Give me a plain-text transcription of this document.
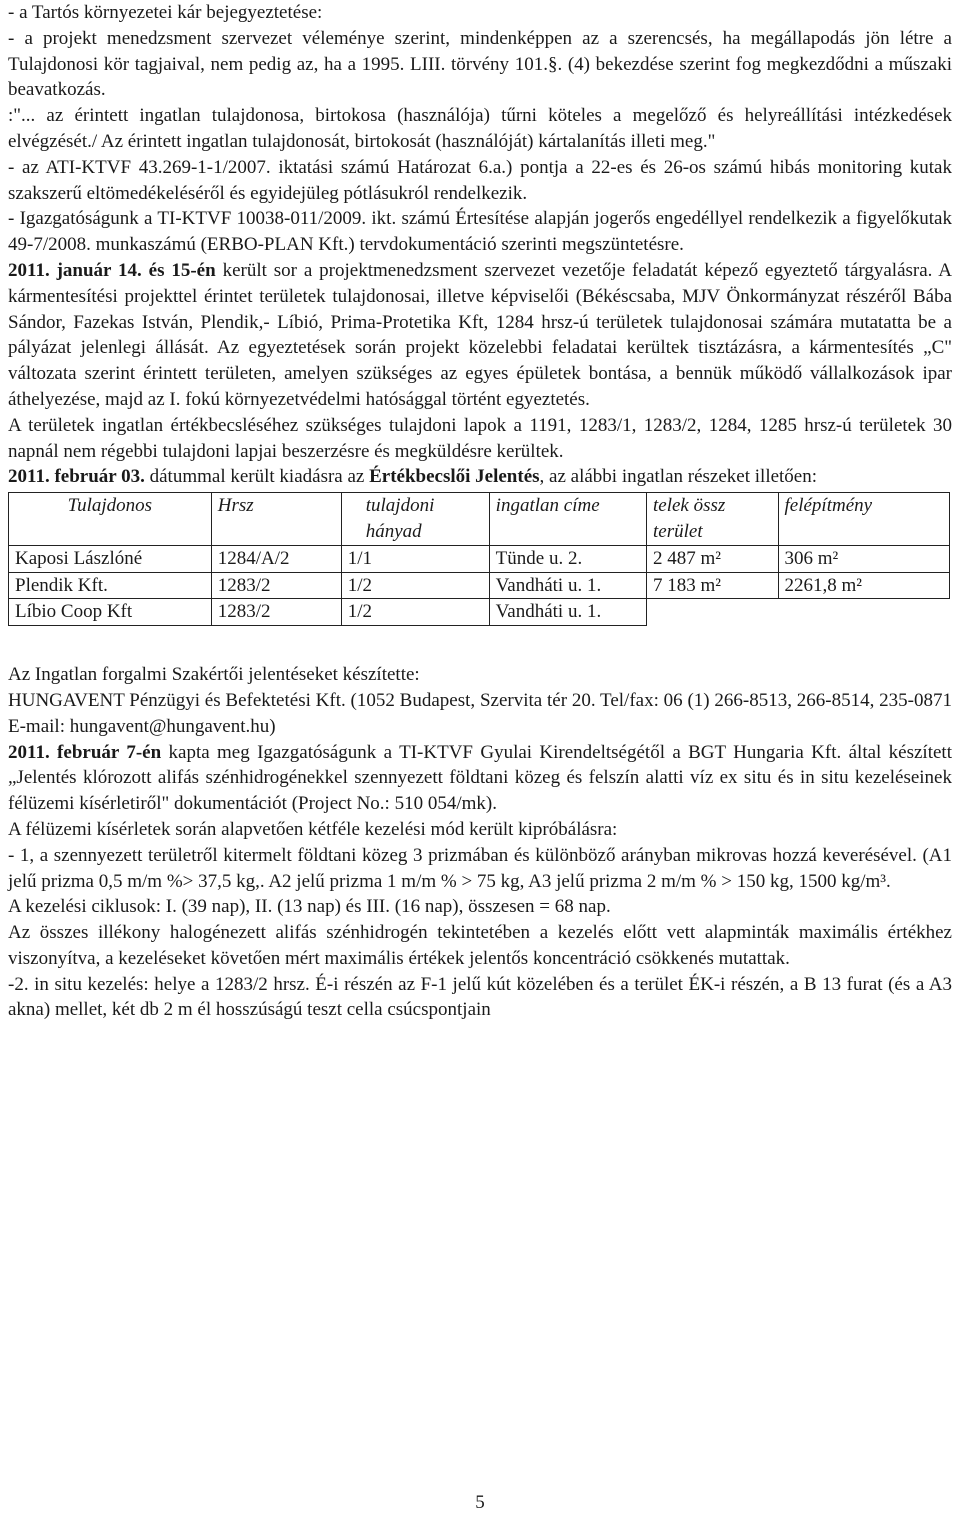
- a Tartós környezetei kár bejegyeztetése:

- a projekt menedzsment szervezet véleménye szerint, mindenképpen az a szerencsés, ha megállapodás jön létre a Tulajdonosi kör tagjaival, nem pedig az, ha a 1995. LIII. törvény 101.§. (4) bekezdése szerint fog megkezdődni a műszaki beavatkozás.

:"... az érintett ingatlan tulajdonosa, birtokosa (használója) tűrni köteles a megelőző és helyreállítási intézkedések elvégzését./ Az érintett ingatlan tulajdonosát, birtokosát (használóját) kártalanítás illeti meg."

- az ATI-KTVF 43.269-1-1/2007. iktatási számú Határozat 6.a.) pontja a 22-es és 26-os számú hibás monitoring kutak szakszerű eltömedékeléséről és egyidejüleg pótlásukról rendelkezik.

- Igazgatóságunk a TI-KTVF 10038-011/2009. ikt. számú Értesítése alapján jogerős engedéllyel rendelkezik a figyelőkutak 49-7/2008. munkaszámú (ERBO-PLAN Kft.) tervdokumentáció szerinti megszüntetésre.

2011. január 14. és 15-én került sor a projektmenedzsment szervezet vezetője feladatát képező egyeztető tárgyalásra. A kármentesítési projekttel érintet területek tulajdonosai, illetve képviselői (Békéscsaba, MJV Önkormányzat részéről Bába Sándor, Fazekas István, Plendik,- Líbió, Prima-Protetika Kft, 1284 hrsz-ú területek tulajdonosai számára mutatatta be a pályázat jelenlegi állását. Az egyeztetések során projekt közelebbi feladatai kerültek tisztázásra, a kármentesítés „C" változata szerint érintett területen, amelyen szükséges az egyes épületek bontása, a bennük működő vállalkozások ipar áthelyezése, majd az I. fokú környezetvédelmi hatósággal történt egyeztetés.

A területek ingatlan értékbecsléséhez szükséges tulajdoni lapok a 1191, 1283/1, 1283/2, 1284, 1285 hrsz-ú területek 30 napnál nem régebbi tulajdoni lapjai beszerzésre és megküldésre kerültek.

2011. február 03. dátummal került kiadásra az Értékbecslői Jelentés, az alábbi ingatlan részeket illetően:

Tulajdonos	Hrsz	tulajdoni hányad	ingatlan címe	telek össz terület	felépítmény
Kaposi Lászlóné	1284/A/2	1/1	Tünde u. 2.	2 487 m²	306 m²
Plendik Kft.	1283/2	1/2	Vandháti u. 1.	7 183 m²	2261,8 m²
Líbio Coop Kft	1283/2	1/2	Vandháti u. 1.		

Az Ingatlan forgalmi Szakértői jelentéseket készítette:

HUNGAVENT Pénzügyi és Befektetési Kft. (1052 Budapest, Szervita tér 20. Tel/fax: 06 (1) 266-8513, 266-8514, 235-0871 E-mail: hungavent@hungavent.hu)

2011. február 7-én kapta meg Igazgatóságunk a TI-KTVF Gyulai Kirendeltségétől a BGT Hungaria Kft. által készített „Jelentés klórozott alifás szénhidrogénekkel szennyezett földtani közeg és felszín alatti víz ex situ és in situ kezeléseinek félüzemi kísérletiről" dokumentációt (Project No.: 510 054/mk).

A félüzemi kísérletek során alapvetően kétféle kezelési mód került kipróbálásra:

- 1, a szennyezett területről kitermelt földtani közeg 3 prizmában és különböző arányban mikrovas hozzá keverésével. (A1 jelű prizma 0,5 m/m %> 37,5 kg,. A2 jelű prizma 1 m/m % > 75 kg, A3 jelű prizma 2 m/m % > 150 kg, 1500 kg/m³.

A kezelési ciklusok: I. (39 nap), II. (13 nap) és III. (16 nap), összesen = 68 nap.

Az összes illékony halogénezett alifás szénhidrogén tekintetében a kezelés előtt vett alapminták maximális értékhez viszonyítva, a kezeléseket követően mért maximális értékek jelentős koncentráció csökkenés mutattak.

-2. in situ kezelés: helye a 1283/2 hrsz. É-i részén az F-1 jelű kút közelében és a terület ÉK-i részén, a B 13 furat (és a A3 akna) mellet, két db 2 m él hosszúságú teszt cella csúcspontjain

5
